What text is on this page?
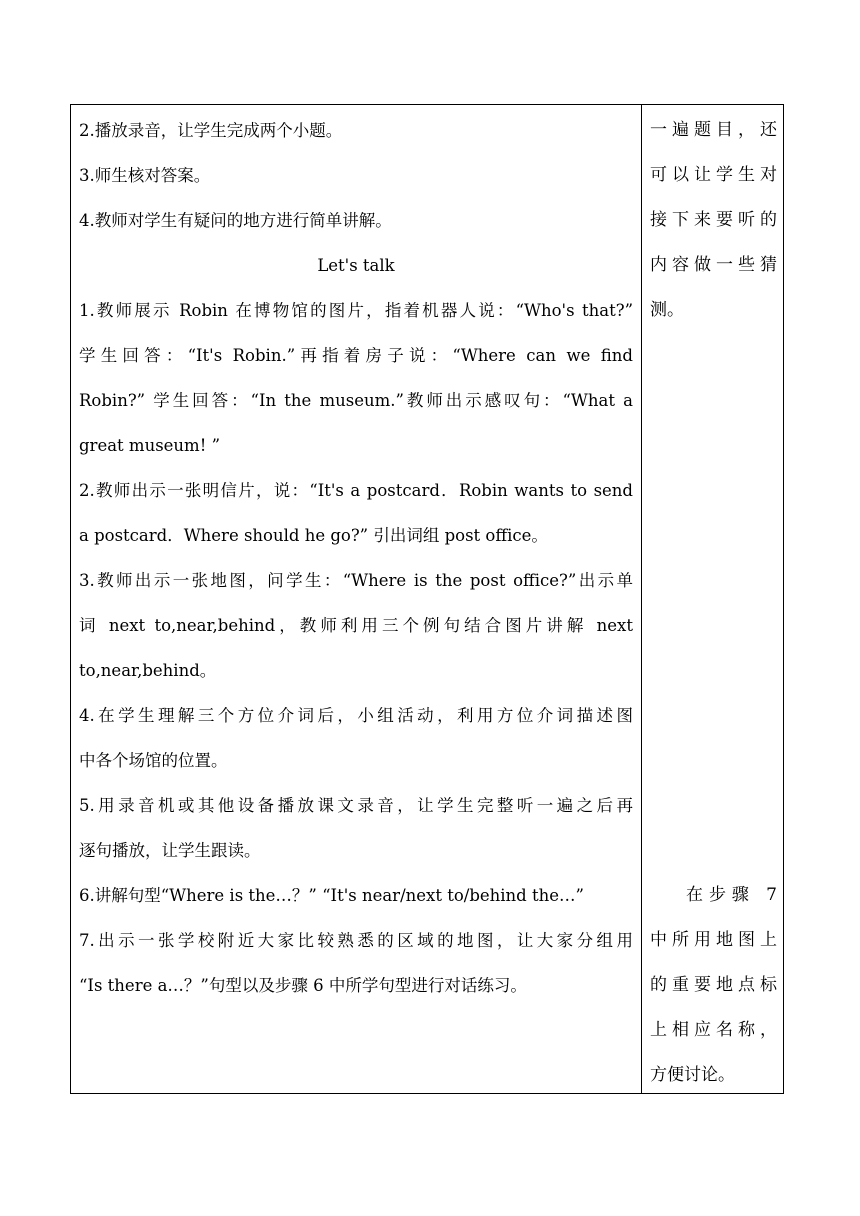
2.播放录音，让学生完成两个小题。

3.师生核对答案。

4.教师对学生有疑问的地方进行简单讲解。

Let's talk

1.教师展示 Robin 在博物馆的图片，指着机器人说：“Who's that?”

学生回答：“It's Robin.”再指着房子说：“Where can we find

Robin?” 学生回答：“In the museum.”教师出示感叹句：“What a

great museum! ”

2.教师出示一张明信片，说：“It's a postcard．Robin wants to send

a postcard．Where should he go?” 引出词组 post office。

3.教师出示一张地图，问学生：“Where is the post office?”出示单

词 next to,near,behind，教师利用三个例句结合图片讲解 next

to,near,behind。

4.在学生理解三个方位介词后，小组活动，利用方位介词描述图

中各个场馆的位置。

5.用录音机或其他设备播放课文录音，让学生完整听一遍之后再

逐句播放，让学生跟读。

6.讲解句型“Where is the…？” “It's near/next to/behind the…”

7.出示一张学校附近大家比较熟悉的区域的地图，让大家分组用

“Is there a…？”句型以及步骤 6 中所学句型进行对话练习。

一遍题目，还

可以让学生对

接下来要听的

内容做一些猜

测。

在步骤 7

中所用地图上

的重要地点标

上相应名称，

方便讨论。
